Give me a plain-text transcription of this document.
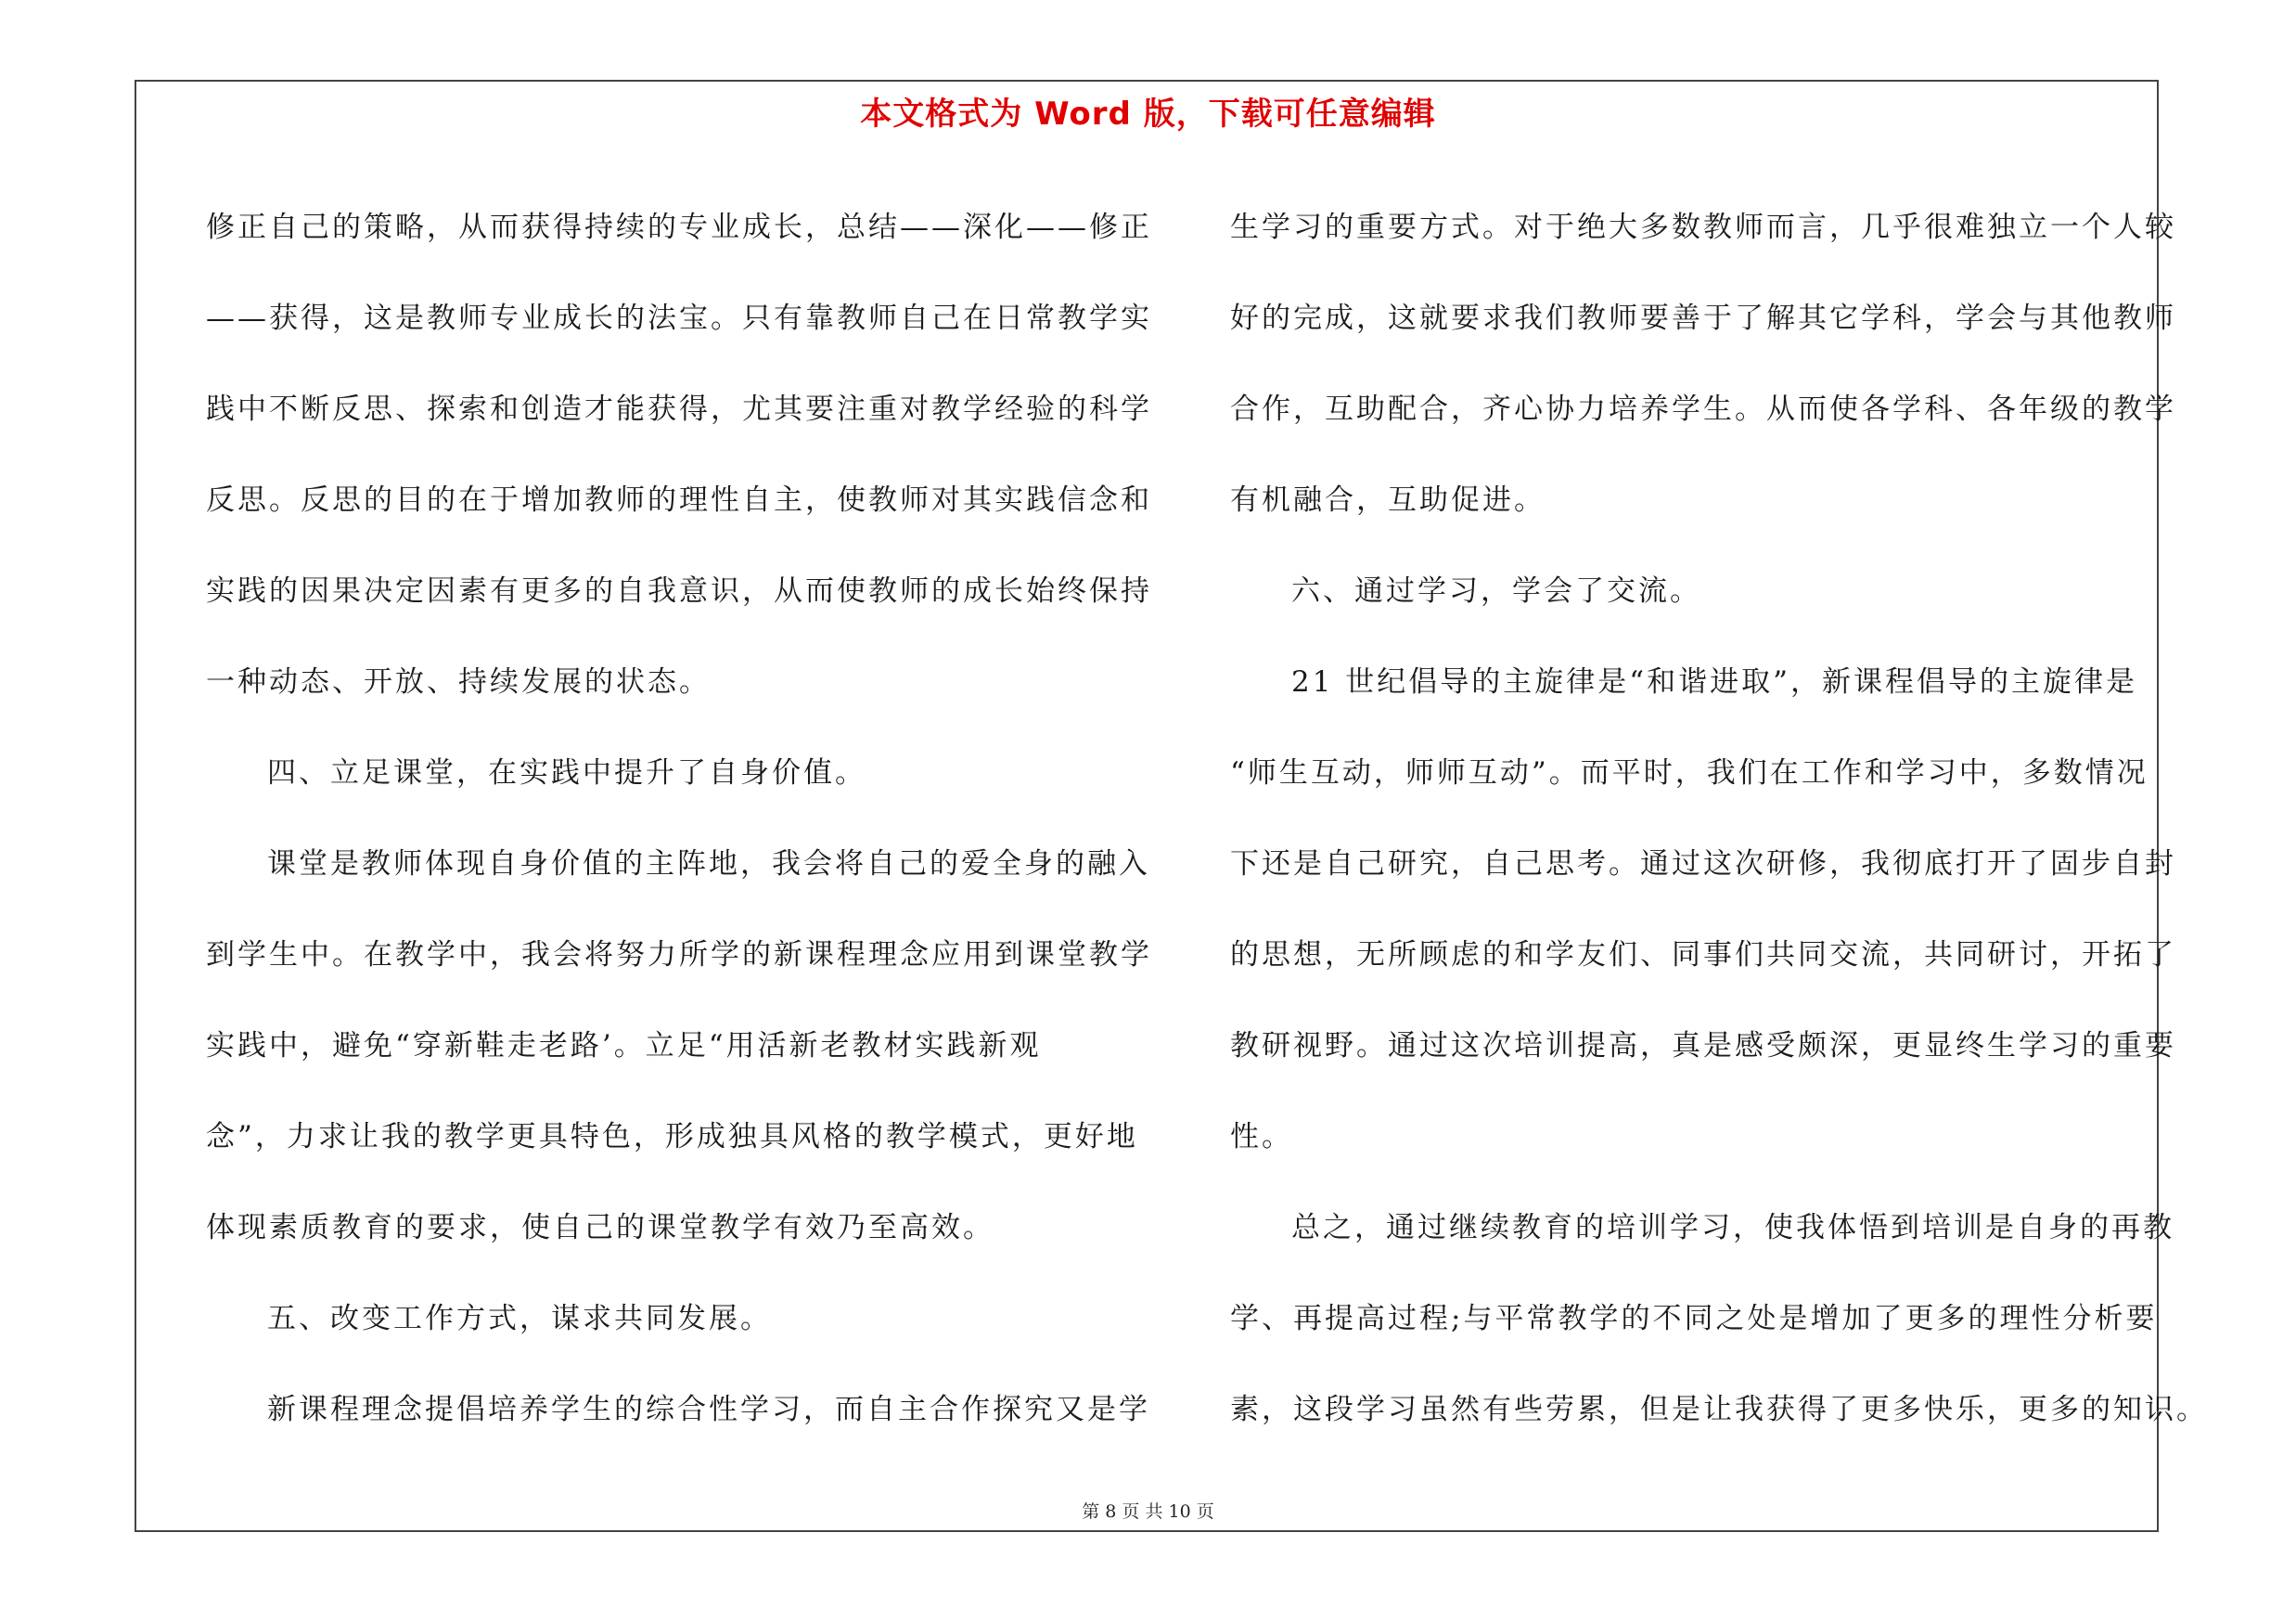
本文格式为 Word 版，下载可任意编辑
修正自己的策略，从而获得持续的专业成长，总结——深化——修正
——获得，这是教师专业成长的法宝。只有靠教师自己在日常教学实
践中不断反思、探索和创造才能获得，尤其要注重对教学经验的科学
反思。反思的目的在于增加教师的理性自主，使教师对其实践信念和
实践的因果决定因素有更多的自我意识，从而使教师的成长始终保持
一种动态、开放、持续发展的状态。
四、立足课堂，在实践中提升了自身价值。
课堂是教师体现自身价值的主阵地，我会将自己的爱全身的融入
到学生中。在教学中，我会将努力所学的新课程理念应用到课堂教学
实践中，避免“穿新鞋走老路’。立足“用活新老教材实践新观
念”，力求让我的教学更具特色，形成独具风格的教学模式，更好地
体现素质教育的要求，使自己的课堂教学有效乃至高效。
五、改变工作方式，谋求共同发展。
新课程理念提倡培养学生的综合性学习，而自主合作探究又是学
生学习的重要方式。对于绝大多数教师而言，几乎很难独立一个人较
好的完成，这就要求我们教师要善于了解其它学科，学会与其他教师
合作，互助配合，齐心协力培养学生。从而使各学科、各年级的教学
有机融合，互助促进。
六、通过学习，学会了交流。
21 世纪倡导的主旋律是“和谐进取”，新课程倡导的主旋律是
“师生互动，师师互动”。而平时，我们在工作和学习中，多数情况
下还是自己研究，自己思考。通过这次研修，我彻底打开了固步自封
的思想，无所顾虑的和学友们、同事们共同交流，共同研讨，开拓了
教研视野。通过这次培训提高，真是感受颇深，更显终生学习的重要
性。
总之，通过继续教育的培训学习，使我体悟到培训是自身的再教
学、再提高过程;与平常教学的不同之处是增加了更多的理性分析要
素，这段学习虽然有些劳累，但是让我获得了更多快乐，更多的知识。
第 8 页 共 10 页
